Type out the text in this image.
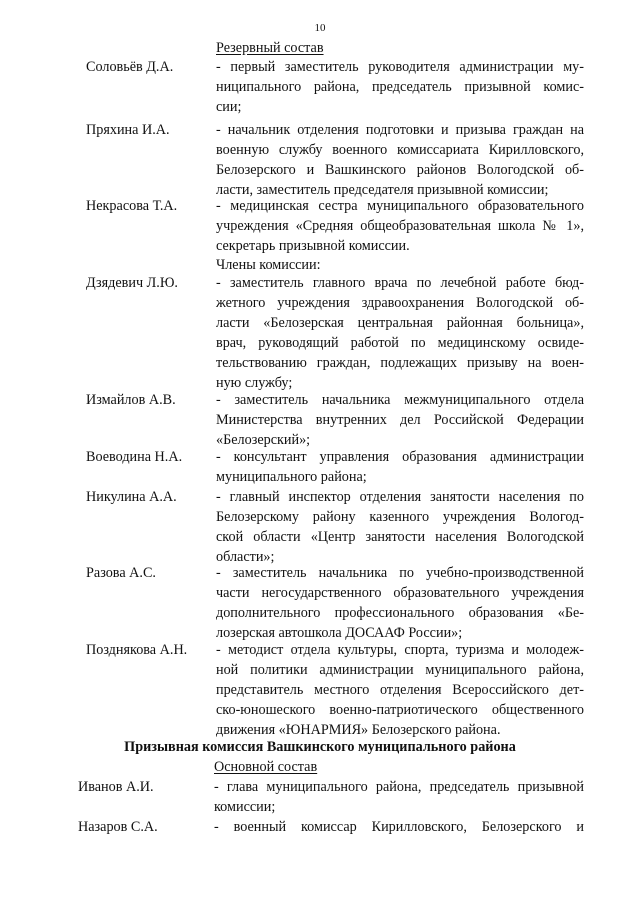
10
Резервный состав
Соловьёв Д.А.	- первый заместитель руководителя администрации му-
ниципального района, председатель призывной комис-
сии;
Пряхина И.А.	- начальник отделения подготовки и призыва граждан на
военную службу военного комиссариата Кирилловского,
Белозерского и Вашкинского районов Вологодской об-
ласти, заместитель председателя призывной комиссии;
Некрасова Т.А.	- медицинская сестра муниципального образовательного
учреждения «Средняя общеобразовательная школа № 1»,
секретарь призывной комиссии.
Члены комиссии:
Дзядевич Л.Ю.	- заместитель главного врача по лечебной работе бюд-
жетного учреждения здравоохранения Вологодской об-
ласти «Белозерская центральная районная больница»,
врач, руководящий работой по медицинскому освиде-
тельствованию граждан, подлежащих призыву на воен-
ную службу;
Измайлов А.В.	- заместитель начальника межмуниципального отдела
Министерства внутренних дел Российской Федерации
«Белозерский»;
Воеводина Н.А. - консультант управления образования администрации
муниципального района;
Никулина А.А.	- главный инспектор отделения занятости населения по
Белозерскому району казенного учреждения Вологод-
ской области «Центр занятости населения Вологодской
области»;
Разова А.С.	- заместитель начальника по учебно-производственной
части негосударственного образовательного учреждения
дополнительного профессионального образования «Бе-
лозерская автошкола ДОСААФ России»;
Позднякова А.Н. - методист отдела культуры, спорта, туризма и молодеж-
ной политики администрации муниципального района,
представитель местного отделения Всероссийского дет-
ско-юношеского военно-патриотического общественного
движения «ЮНАРМИЯ» Белозерского района.
Призывная комиссия Вашкинского муниципального района
Основной состав
Иванов А.И.	- глава муниципального района, председатель призывной
комиссии;
Назаров С.А.	- военный комиссар Кирилловского, Белозерского и
